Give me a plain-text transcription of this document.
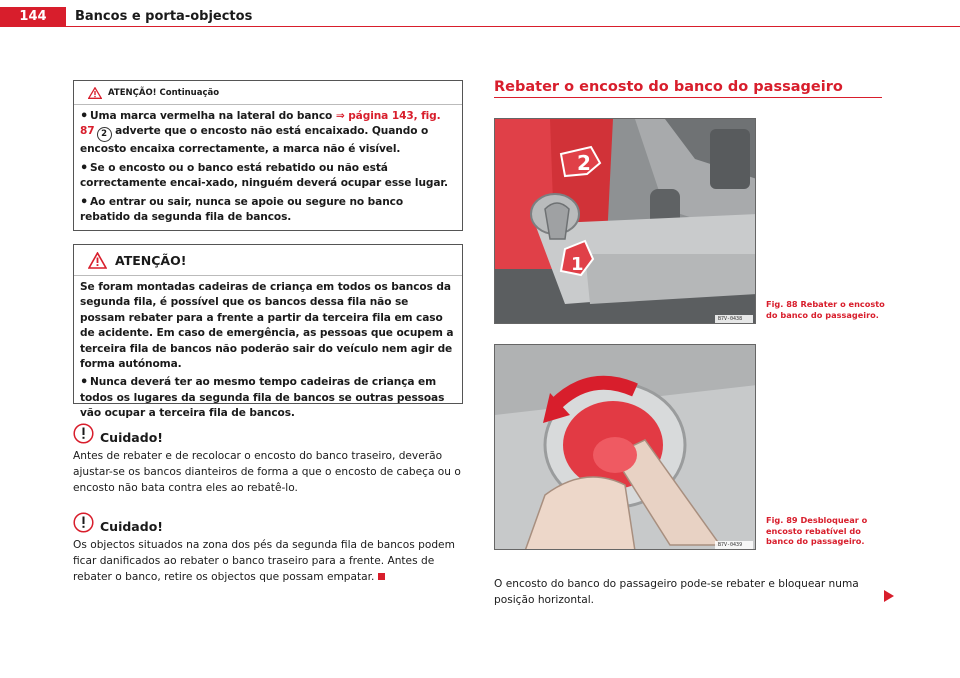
144	Bancos e porta-objectos
ATENÇÃO! Continuação

• Uma marca vermelha na lateral do banco ⇒ página 143, fig. 87 2 adverte que o encosto não está encaixado. Quando o encosto encaixa correctamente, a marca não é visível.

• Se o encosto ou o banco está rebatido ou não está correctamente encai-xado, ninguém deverá ocupar esse lugar.

• Ao entrar ou sair, nunca se apoie ou segure no banco rebatido da segunda fila de bancos.

ATENÇÃO!

Se foram montadas cadeiras de criança em todos os bancos da segunda fila, é possível que os bancos dessa fila não se possam rebater para a frente a partir da terceira fila em caso de acidente. Em caso de emergência, as pessoas que ocupem a terceira fila de bancos não poderão sair do veículo nem agir de forma autónoma.

• Nunca deverá ter ao mesmo tempo cadeiras de criança em todos os lugares da segunda fila de bancos se outras pessoas vão ocupar a terceira fila de bancos.

Cuidado!

Antes de rebater e de recolocar o encosto do banco traseiro, deverão ajustar-se os bancos dianteiros de forma a que o encosto de cabeça ou o encosto não bata contra eles ao rebatê-lo.

Cuidado!

Os objectos situados na zona dos pés da segunda fila de bancos podem ficar danificados ao rebater o banco traseiro para a frente. Antes de rebater o banco, retire os objectos que possam empatar.

Rebater o encosto do banco do passageiro
2
1
B7V-0438
Fig. 88 Rebater o encosto do banco do passageiro.
B7V-0439
Fig. 89 Desbloquear o encosto rebatível do banco do passageiro.

O encosto do banco do passageiro pode-se rebater e bloquear numa posição horizontal.
